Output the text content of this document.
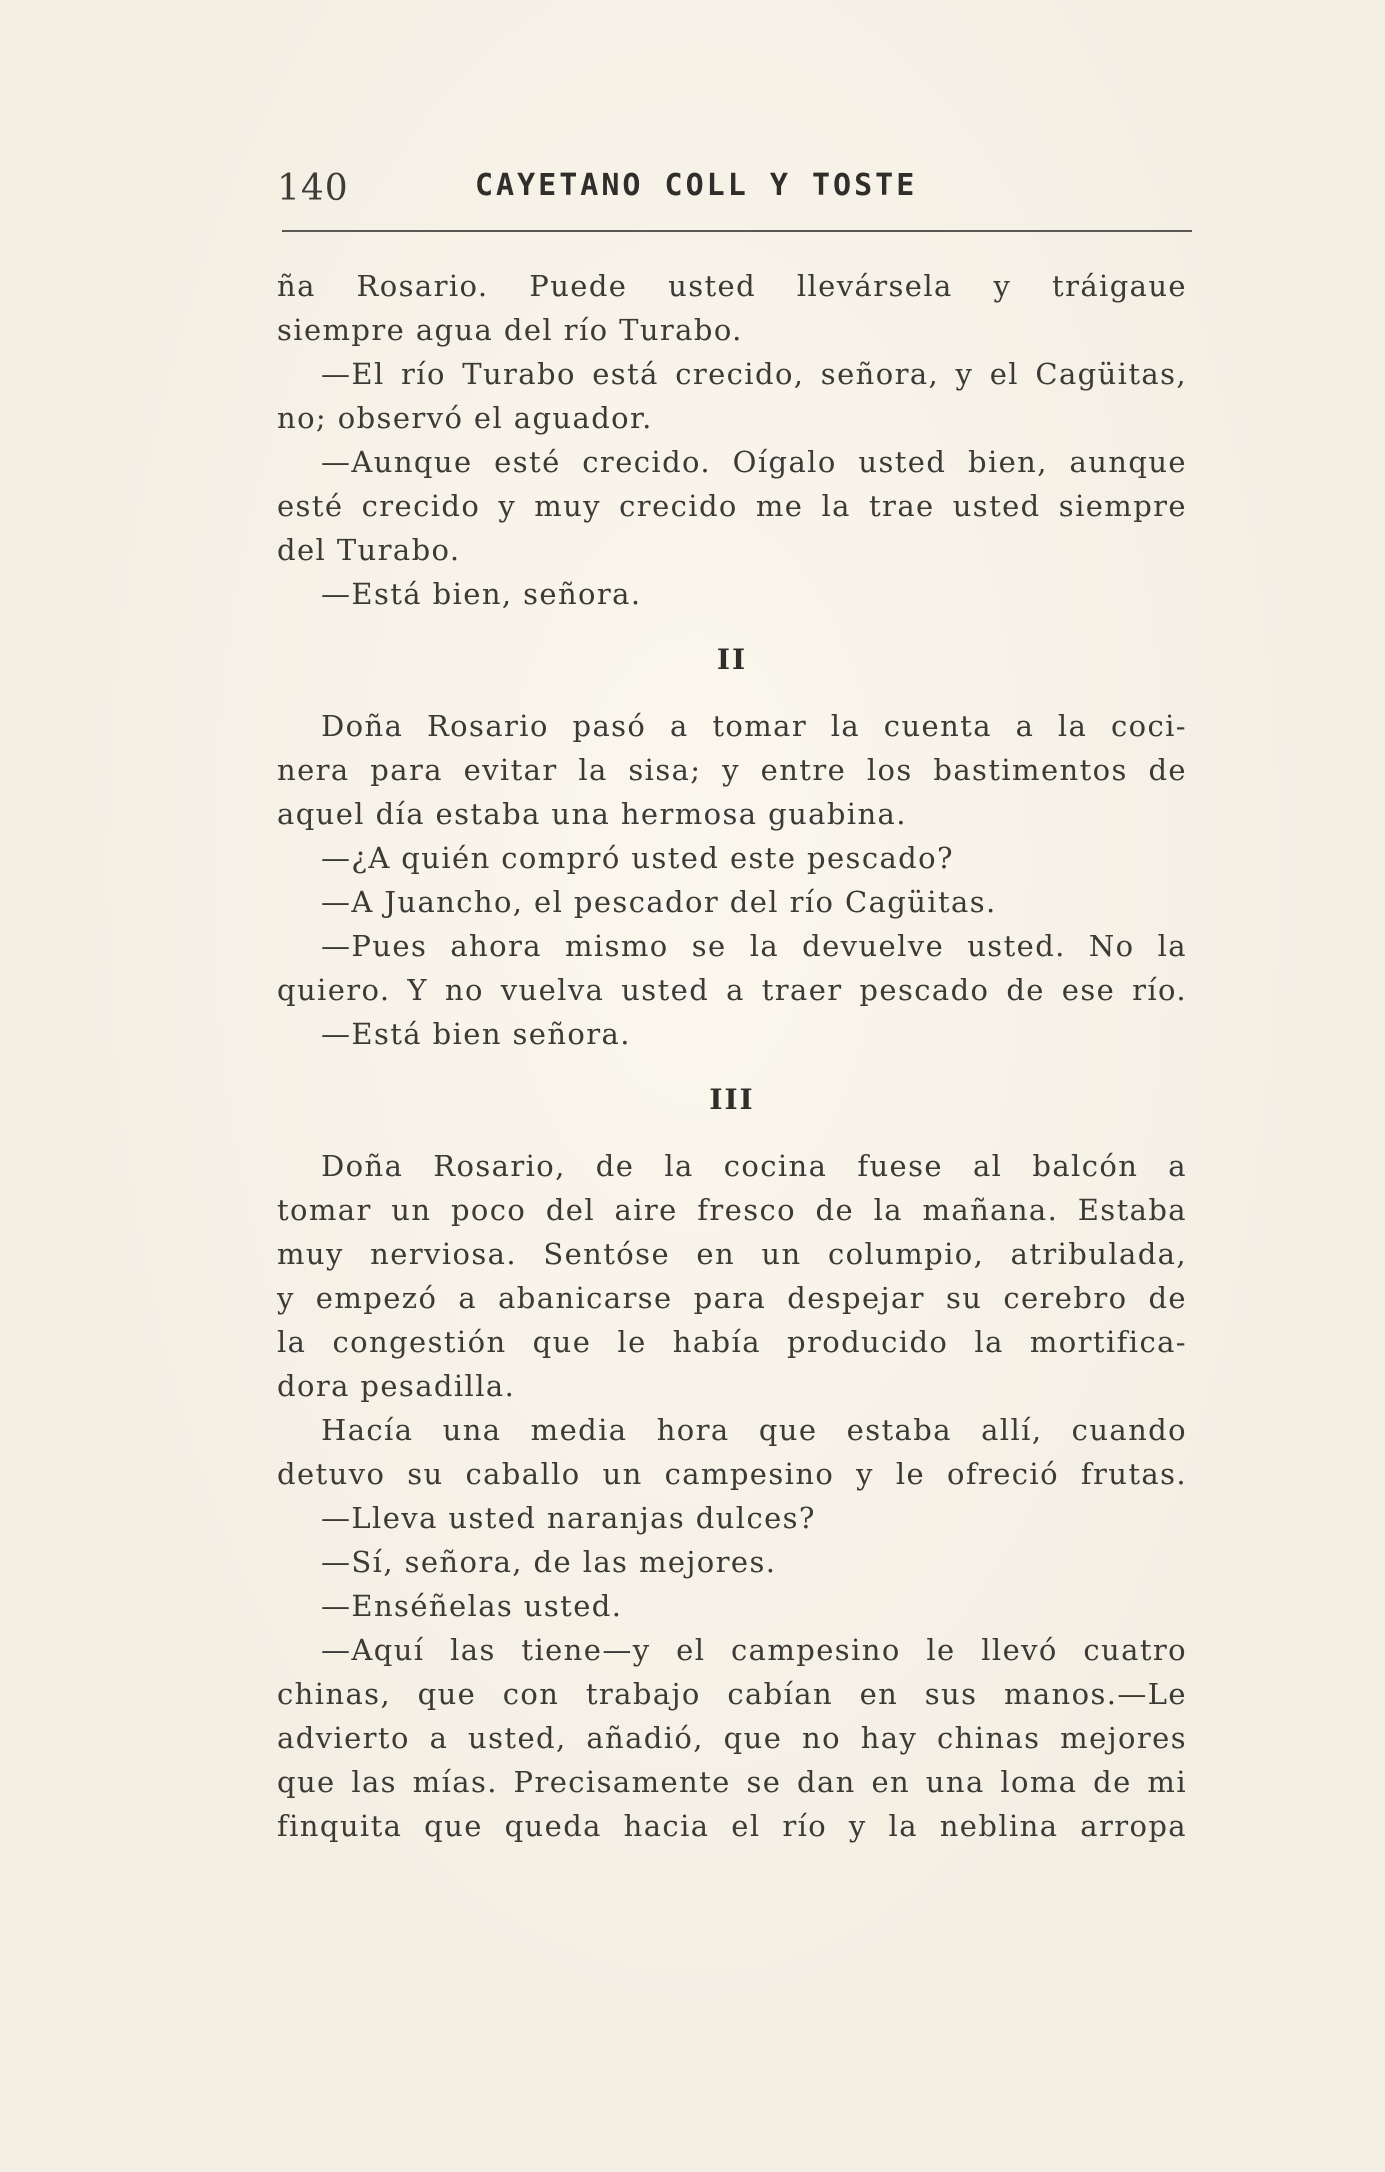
140	CAYETANO COLL Y TOSTE
ña Rosario. Puede usted llevársela y tráigaue
siempre agua del río Turabo.
—El río Turabo está crecido, señora, y el Cagüitas,
no; observó el aguador.
—Aunque esté crecido. Oígalo usted bien, aunque
esté crecido y muy crecido me la trae usted siempre
del Turabo.
—Está bien, señora.
II
Doña Rosario pasó a tomar la cuenta a la coci-
nera para evitar la sisa; y entre los bastimentos de
aquel día estaba una hermosa guabina.
—¿A quién compró usted este pescado?
—A Juancho, el pescador del río Cagüitas.
—Pues ahora mismo se la devuelve usted. No la
quiero. Y no vuelva usted a traer pescado de ese río.
—Está bien señora.
III
Doña Rosario, de la cocina fuese al balcón a
tomar un poco del aire fresco de la mañana. Estaba
muy nerviosa. Sentóse en un columpio, atribulada,
y empezó a abanicarse para despejar su cerebro de
la congestión que le había producido la mortifica-
dora pesadilla.
Hacía una media hora que estaba allí, cuando
detuvo su caballo un campesino y le ofreció frutas.
—Lleva usted naranjas dulces?
—Sí, señora, de las mejores.
—Enséñelas usted.
—Aquí las tiene—y el campesino le llevó cuatro
chinas, que con trabajo cabían en sus manos.—Le
advierto a usted, añadió, que no hay chinas mejores
que las mías. Precisamente se dan en una loma de mi
finquita que queda hacia el río y la neblina arropa
